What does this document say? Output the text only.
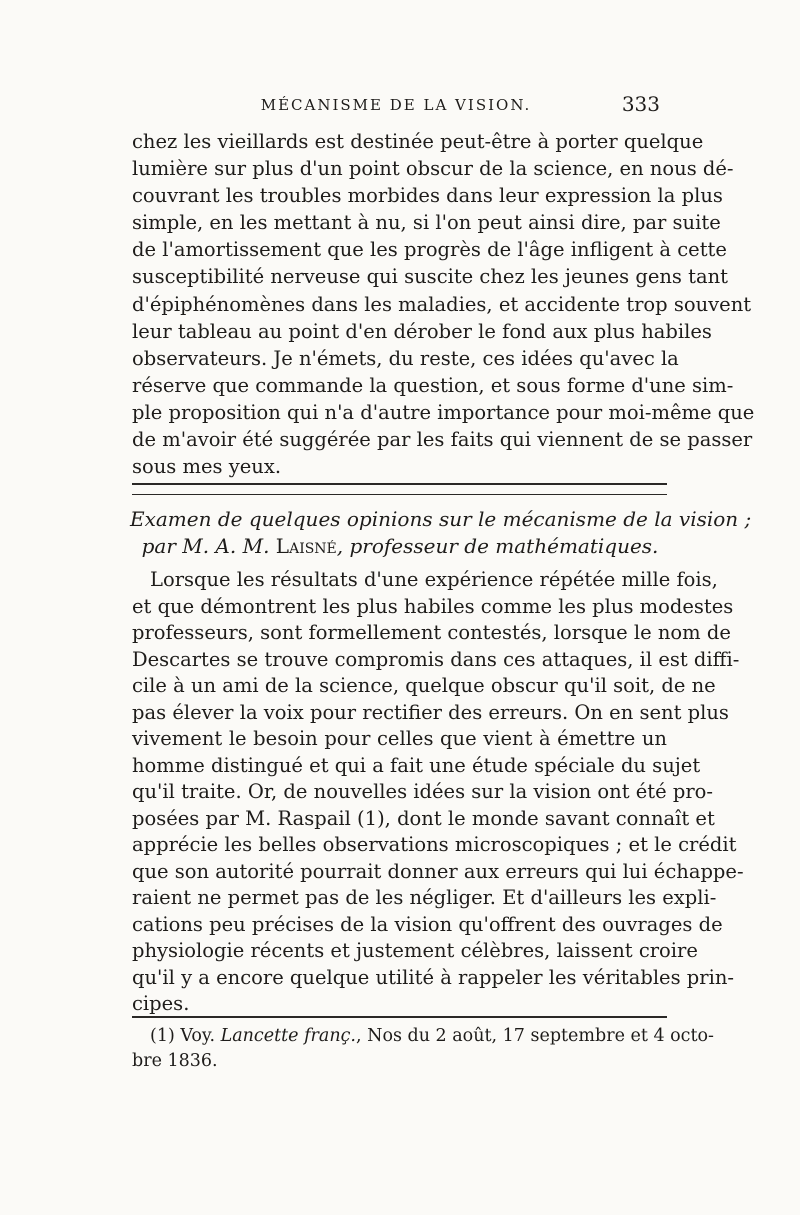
MÉCANISME DE LA VISION.	333
chez les vieillards est destinée peut-être à porter quelque
lumière sur plus d'un point obscur de la science, en nous dé-
couvrant les troubles morbides dans leur expression la plus
simple, en les mettant à nu, si l'on peut ainsi dire, par suite
de l'amortissement que les progrès de l'âge infligent à cette
susceptibilité nerveuse qui suscite chez les jeunes gens tant
d'épiphénomènes dans les maladies, et accidente trop souvent
leur tableau au point d'en dérober le fond aux plus habiles
observateurs. Je n'émets, du reste, ces idées qu'avec la
réserve que commande la question, et sous forme d'une sim-
ple proposition qui n'a d'autre importance pour moi-même que
de m'avoir été suggérée par les faits qui viennent de se passer
sous mes yeux.
Examen de quelques opinions sur le mécanisme de la vision ;
par M. A. M. Laisné, professeur de mathématiques.
Lorsque les résultats d'une expérience répétée mille fois,
et que démontrent les plus habiles comme les plus modestes
professeurs, sont formellement contestés, lorsque le nom de
Descartes se trouve compromis dans ces attaques, il est diffi-
cile à un ami de la science, quelque obscur qu'il soit, de ne
pas élever la voix pour rectifier des erreurs. On en sent plus
vivement le besoin pour celles que vient à émettre un
homme distingué et qui a fait une étude spéciale du sujet
qu'il traite. Or, de nouvelles idées sur la vision ont été pro-
posées par M. Raspail (1), dont le monde savant connaît et
apprécie les belles observations microscopiques ; et le crédit
que son autorité pourrait donner aux erreurs qui lui échappe-
raient ne permet pas de les négliger. Et d'ailleurs les expli-
cations peu précises de la vision qu'offrent des ouvrages de
physiologie récents et justement célèbres, laissent croire
qu'il y a encore quelque utilité à rappeler les véritables prin-
cipes.
(1) Voy. Lancette franç., Nos du 2 août, 17 septembre et 4 octo-
bre 1836.
